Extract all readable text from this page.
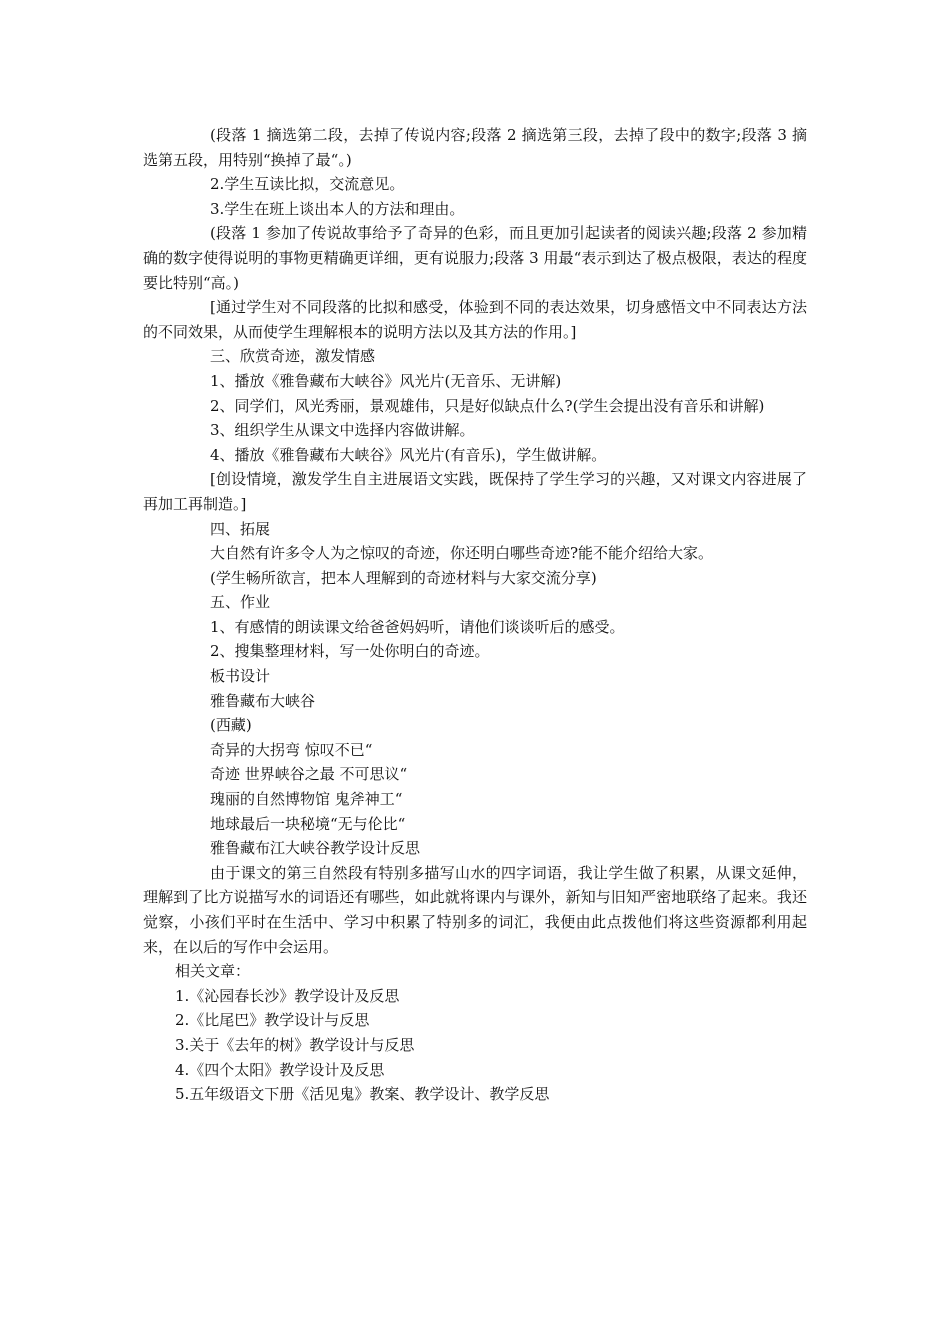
(段落 1 摘选第二段，去掉了传说内容;段落 2 摘选第三段，去掉了段中的数字;段落 3 摘选第五段，用特别“换掉了最“。)

2.学生互读比拟，交流意见。

3.学生在班上谈出本人的方法和理由。

(段落 1 参加了传说故事给予了奇异的色彩，而且更加引起读者的阅读兴趣;段落 2 参加精确的数字使得说明的事物更精确更详细，更有说服力;段落 3 用最“表示到达了极点极限，表达的程度要比特别“高。)

[通过学生对不同段落的比拟和感受，体验到不同的表达效果，切身感悟文中不同表达方法的不同效果，从而使学生理解根本的说明方法以及其方法的作用。]

三、欣赏奇迹，激发情感

1、播放《雅鲁藏布大峡谷》风光片(无音乐、无讲解)

2、同学们，风光秀丽，景观雄伟，只是好似缺点什么?(学生会提出没有音乐和讲解)

3、组织学生从课文中选择内容做讲解。

4、播放《雅鲁藏布大峡谷》风光片(有音乐)，学生做讲解。

[创设情境，激发学生自主进展语文实践，既保持了学生学习的兴趣，又对课文内容进展了再加工再制造。]

四、拓展

大自然有许多令人为之惊叹的奇迹，你还明白哪些奇迹?能不能介绍给大家。

(学生畅所欲言，把本人理解到的奇迹材料与大家交流分享)

五、作业

1、有感情的朗读课文给爸爸妈妈听，请他们谈谈听后的感受。

2、搜集整理材料，写一处你明白的奇迹。

板书设计

雅鲁藏布大峡谷

(西藏)

奇异的大拐弯 惊叹不已“

奇迹 世界峡谷之最 不可思议“

瑰丽的自然博物馆 鬼斧神工“

地球最后一块秘境“无与伦比“

雅鲁藏布江大峡谷教学设计反思

由于课文的第三自然段有特别多描写山水的四字词语，我让学生做了积累，从课文延伸，理解到了比方说描写水的词语还有哪些，如此就将课内与课外，新知与旧知严密地联络了起来。我还觉察，小孩们平时在生活中、学习中积累了特别多的词汇，我便由此点拨他们将这些资源都利用起来，在以后的写作中会运用。

相关文章：

1.《沁园春长沙》教学设计及反思

2.《比尾巴》教学设计与反思

3.关于《去年的树》教学设计与反思

4.《四个太阳》教学设计及反思

5.五年级语文下册《活见鬼》教案、教学设计、教学反思
